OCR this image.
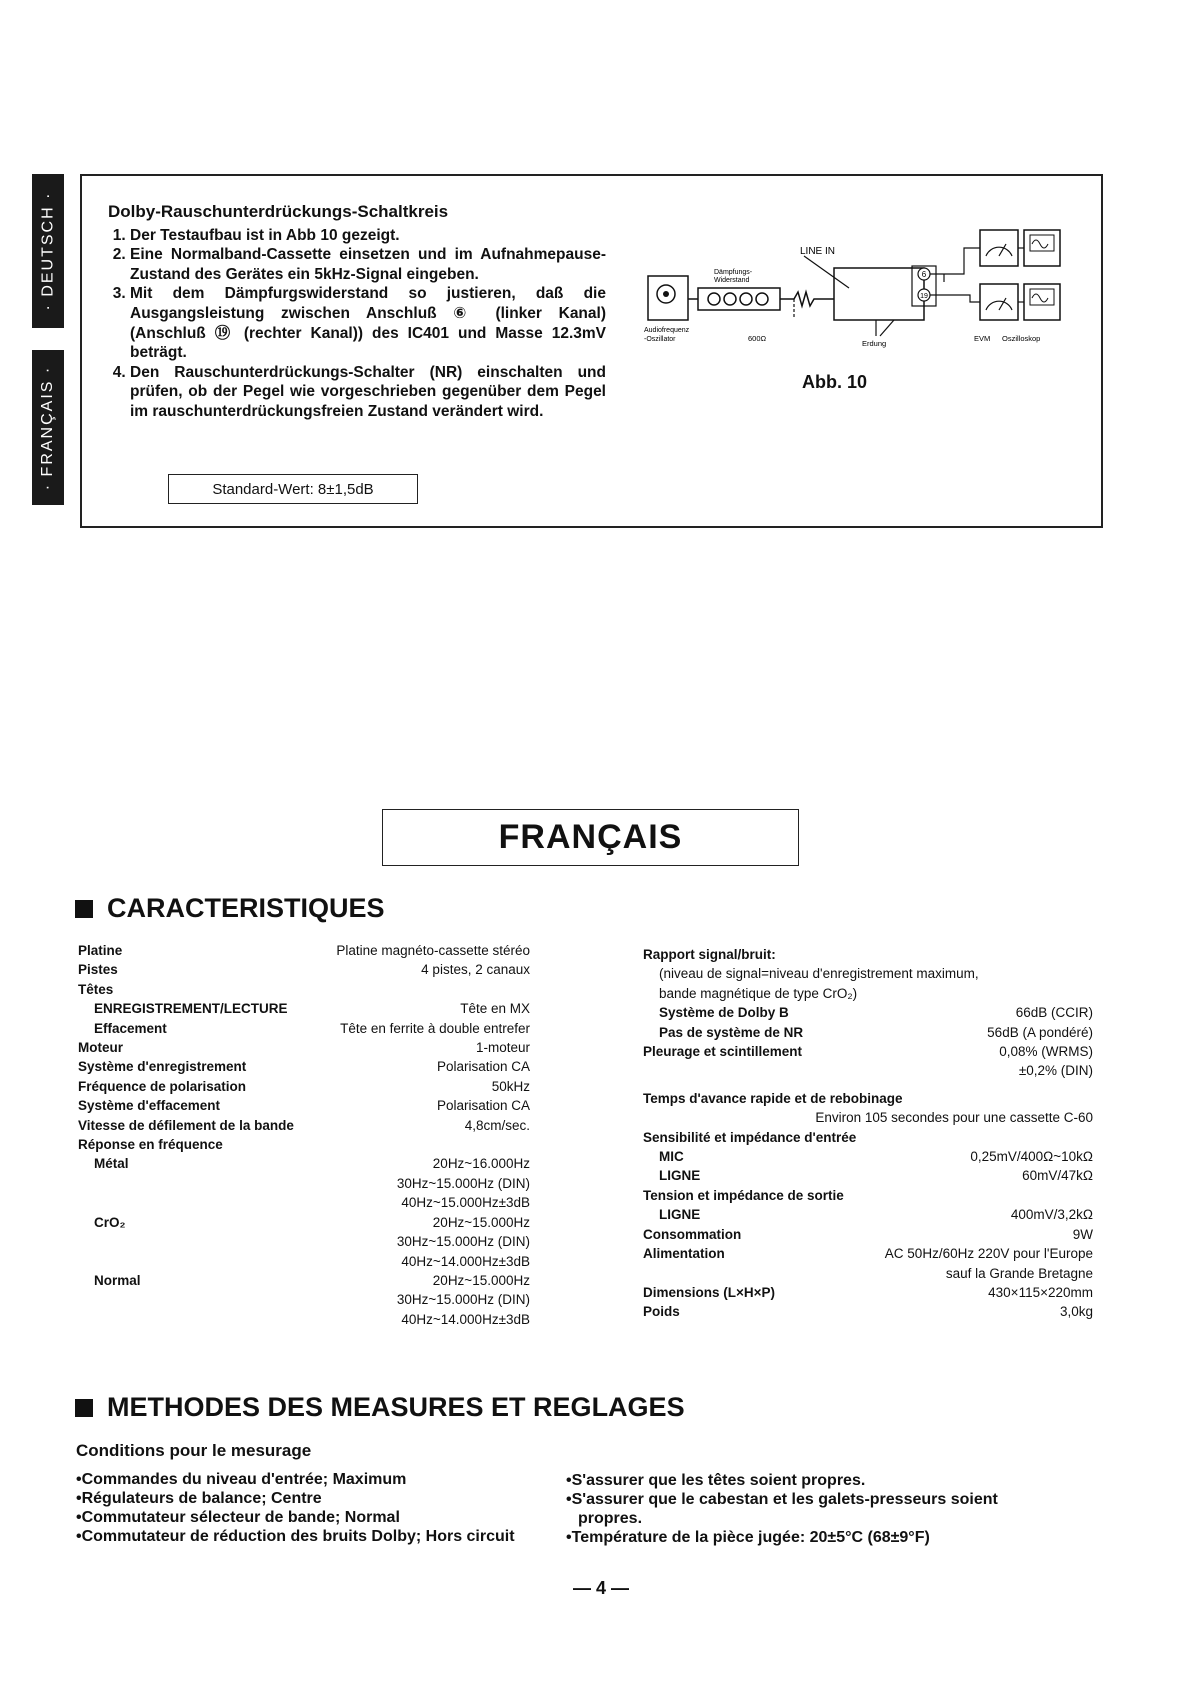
· DEUTSCH ·
· FRANÇAIS ·
Dolby-Rauschunterdrückungs-Schaltkreis
1. Der Testaufbau ist in Abb 10 gezeigt.
2. Eine Normalband-Cassette einsetzen und im Aufnahmepause-Zustand des Gerätes ein 5kHz-Signal eingeben.
3. Mit dem Dämpfurgswiderstand so justieren, daß die Ausgangsleistung zwischen Anschluß ⑥ (linker Kanal) (Anschluß ⑲ (rechter Kanal)) des IC401 und Masse 12.3mV beträgt.
4. Den Rauschunterdrückungs-Schalter (NR) einschalten und prüfen, ob der Pegel wie vorgeschrieben gegenüber dem Pegel im rauschunterdrückungsfreien Zustand verändert wird.
Standard-Wert: 8±1,5dB
6
19
LINE IN
Dämpfungs-
Widerstand
Audiofrequenz
-Oszillator	600Ω
Erdung
EVM Oszilloskop
Abb. 10
FRANÇAIS
CARACTERISTIQUES
Platine	Platine magnéto-cassette stéréo
Pistes	4 pistes, 2 canaux
Têtes
ENREGISTREMENT/LECTURE	Tête en MX
Effacement	Tête en ferrite à double entrefer
Moteur	1-moteur
Système d'enregistrement	Polarisation CA
Fréquence de polarisation	50kHz
Système d'effacement	Polarisation CA
Vitesse de défilement de la bande	4,8cm/sec.
Réponse en fréquence
Métal	20Hz~16.000Hz
30Hz~15.000Hz (DIN)
40Hz~15.000Hz±3dB
CrO₂	20Hz~15.000Hz
30Hz~15.000Hz (DIN)
40Hz~14.000Hz±3dB
Normal	20Hz~15.000Hz
30Hz~15.000Hz (DIN)
40Hz~14.000Hz±3dB
Rapport signal/bruit:
(niveau de signal=niveau d'enregistrement maximum,
bande magnétique de type CrO₂)
Système de Dolby B	66dB (CCIR)
Pas de système de NR	56dB (A pondéré)
Pleurage et scintillement	0,08% (WRMS)
±0,2% (DIN)
Temps d'avance rapide et de rebobinage
Environ 105 secondes pour une cassette C-60
Sensibilité et impédance d'entrée
MIC	0,25mV/400Ω~10kΩ
LIGNE	60mV/47kΩ
Tension et impédance de sortie
LIGNE	400mV/3,2kΩ
Consommation	9W
Alimentation	AC 50Hz/60Hz 220V pour l'Europe
sauf la Grande Bretagne
Dimensions (L×H×P)	430×115×220mm
Poids	3,0kg
METHODES DES MEASURES ET REGLAGES
Conditions pour le mesurage
•Commandes du niveau d'entrée; Maximum
•Régulateurs de balance; Centre
•Commutateur sélecteur de bande; Normal
•Commutateur de réduction des bruits Dolby; Hors circuit
•S'assurer que les têtes soient propres.
•S'assurer que le cabestan et les galets-presseurs soient propres.
•Température de la pièce jugée: 20±5°C (68±9°F)
— 4 —
